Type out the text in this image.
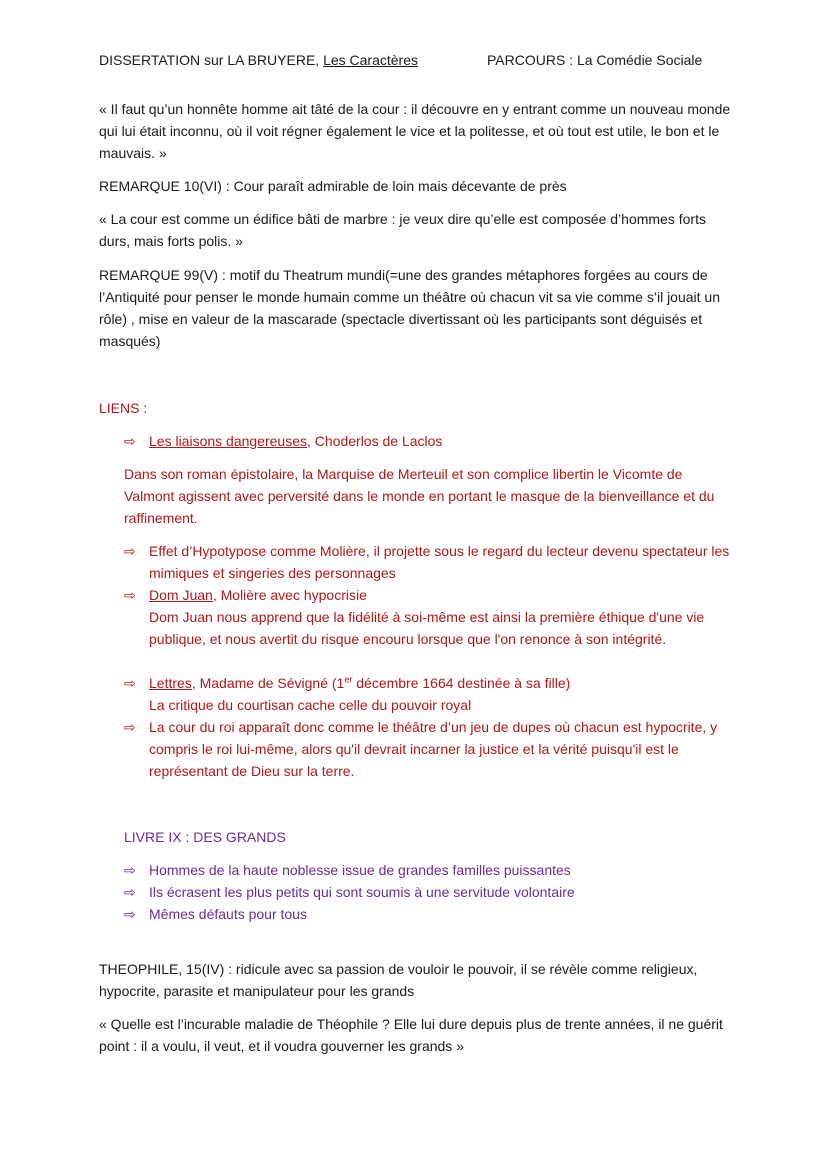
DISSERTATION sur LA BRUYERE, Les Caractères	PARCOURS : La Comédie Sociale

« Il faut qu’un honnête homme ait tâté de la cour : il découvre en y entrant comme un nouveau monde qui lui était inconnu, où il voit régner également le vice et la politesse, et où tout est utile, le bon et le mauvais. »

REMARQUE 10(VI) : Cour paraît admirable de loin mais décevante de près

« La cour est comme un édifice bâti de marbre : je veux dire qu’elle est composée d’hommes forts durs, mais forts polis. »

REMARQUE 99(V) : motif du Theatrum mundi(=une des grandes métaphores forgées au cours de l’Antiquité pour penser le monde humain comme un théâtre où chacun vit sa vie comme s’il jouait un rôle) , mise en valeur de la mascarade (spectacle divertissant où les participants sont déguisés et masqués)

LIENS :

⇨ Les liaisons dangereuses, Choderlos de Laclos

Dans son roman épistolaire, la Marquise de Merteuil et son complice libertin le Vicomte de Valmont agissent avec perversité dans le monde en portant le masque de la bienveillance et du raffinement.

⇨ Effet d’Hypotypose comme Molière, il projette sous le regard du lecteur devenu spectateur les mimiques et singeries des personnages
⇨ Dom Juan, Molière avec hypocrisie
Dom Juan nous apprend que la fidélité à soi-même est ainsi la première éthique d'une vie publique, et nous avertit du risque encouru lorsque que l'on renonce à son intégrité.
⇨ Lettres, Madame de Sévigné (1er décembre 1664 destinée à sa fille)
La critique du courtisan cache celle du pouvoir royal
⇨ La cour du roi apparaît donc comme le théâtre d’un jeu de dupes où chacun est hypocrite, y compris le roi lui-même, alors qu'il devrait incarner la justice et la vérité puisqu'il est le représentant de Dieu sur la terre.

LIVRE IX : DES GRANDS

⇨ Hommes de la haute noblesse issue de grandes familles puissantes
⇨ Ils écrasent les plus petits qui sont soumis à une servitude volontaire
⇨ Mêmes défauts pour tous

THEOPHILE, 15(IV) : ridicule avec sa passion de vouloir le pouvoir, il se révèle comme religieux, hypocrite, parasite et manipulateur pour les grands

« Quelle est l’incurable maladie de Théophile ? Elle lui dure depuis plus de trente années, il ne guérit point : il a voulu, il veut, et il voudra gouverner les grands »
